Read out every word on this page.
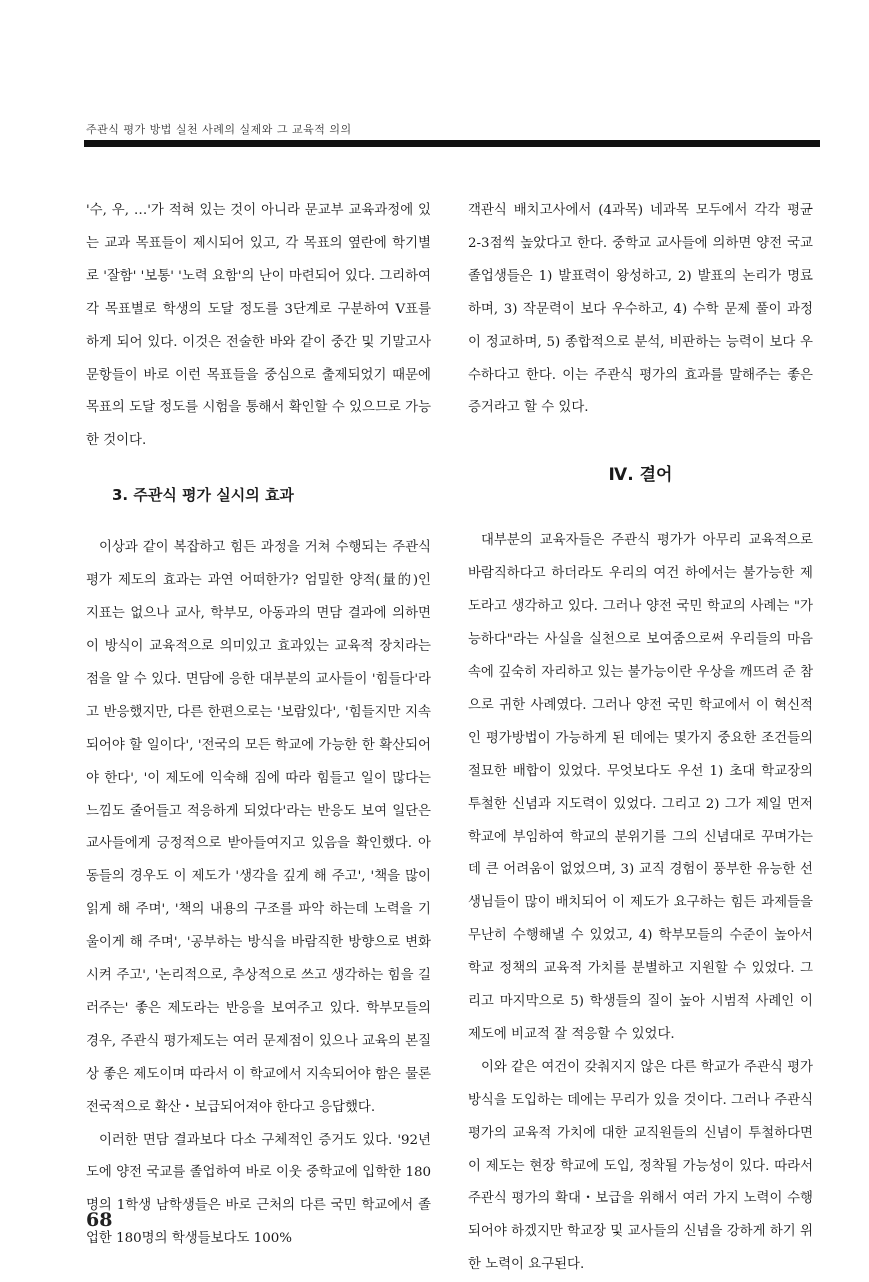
주관식 평가 방법 실천 사례의 실제와 그 교육적 의의

'수, 우, …'가 적혀 있는 것이 아니라 문교부 교육과정에 있는 교과 목표들이 제시되어 있고, 각 목표의 옆란에 학기별로 '잘함' '보통' '노력 요함'의 난이 마련되어 있다. 그리하여 각 목표별로 학생의 도달 정도를 3단계로 구분하여 V표를 하게 되어 있다. 이것은 전술한 바와 같이 중간 및 기말고사 문항들이 바로 이런 목표들을 중심으로 출제되었기 때문에 목표의 도달 정도를 시험을 통해서 확인할 수 있으므로 가능한 것이다.

3. 주관식 평가 실시의 효과

이상과 같이 복잡하고 힘든 과정을 거쳐 수행되는 주관식 평가 제도의 효과는 과연 어떠한가? 엄밀한 양적(量的)인 지표는 없으나 교사, 학부모, 아동과의 면담 결과에 의하면 이 방식이 교육적으로 의미있고 효과있는 교육적 장치라는 점을 알 수 있다. 면담에 응한 대부분의 교사들이 '힘들다'라고 반응했지만, 다른 한편으로는 '보람있다', '힘들지만 지속되어야 할 일이다', '전국의 모든 학교에 가능한 한 확산되어야 한다', '이 제도에 익숙해 짐에 따라 힘들고 일이 많다는 느낌도 줄어들고 적응하게 되었다'라는 반응도 보여 일단은 교사들에게 긍정적으로 받아들여지고 있음을 확인했다. 아동들의 경우도 이 제도가 '생각을 깊게 해 주고', '책을 많이 읽게 해 주며', '책의 내용의 구조를 파악 하는데 노력을 기울이게 해 주며', '공부하는 방식을 바람직한 방향으로 변화시켜 주고', '논리적으로, 추상적으로 쓰고 생각하는 힘을 길러주는' 좋은 제도라는 반응을 보여주고 있다. 학부모들의 경우, 주관식 평가제도는 여러 문제점이 있으나 교육의 본질상 좋은 제도이며 따라서 이 학교에서 지속되어야 함은 물론 전국적으로 확산・보급되어져야 한다고 응답했다.

이러한 면담 결과보다 다소 구체적인 증거도 있다. '92년도에 양전 국교를 졸업하여 바로 이웃 중학교에 입학한 180명의 1학생 남학생들은 바로 근처의 다른 국민 학교에서 졸업한 180명의 학생들보다도 100%

객관식 배치고사에서 (4과목) 네과목 모두에서 각각 평균 2-3점씩 높았다고 한다. 중학교 교사들에 의하면 양전 국교 졸업생들은 1) 발표력이 왕성하고, 2) 발표의 논리가 명료하며, 3) 작문력이 보다 우수하고, 4) 수학 문제 풀이 과정이 정교하며, 5) 종합적으로 분석, 비판하는 능력이 보다 우수하다고 한다. 이는 주관식 평가의 효과를 말해주는 좋은 증거라고 할 수 있다.

Ⅳ. 결어

대부분의 교육자들은 주관식 평가가 아무리 교육적으로 바람직하다고 하더라도 우리의 여건 하에서는 불가능한 제도라고 생각하고 있다. 그러나 양전 국민 학교의 사례는 "가능하다"라는 사실을 실천으로 보여줌으로써 우리들의 마음 속에 깊숙히 자리하고 있는 불가능이란 우상을 깨뜨려 준 참으로 귀한 사례였다. 그러나 양전 국민 학교에서 이 혁신적인 평가방법이 가능하게 된 데에는 몇가지 중요한 조건들의 절묘한 배합이 있었다. 무엇보다도 우선 1) 초대 학교장의 투철한 신념과 지도력이 있었다. 그리고 2) 그가 제일 먼저 학교에 부임하여 학교의 분위기를 그의 신념대로 꾸며가는데 큰 어려움이 없었으며, 3) 교직 경험이 풍부한 유능한 선생님들이 많이 배치되어 이 제도가 요구하는 힘든 과제들을 무난히 수행해낼 수 있었고, 4) 학부모들의 수준이 높아서 학교 정책의 교육적 가치를 분별하고 지원할 수 있었다. 그리고 마지막으로 5) 학생들의 질이 높아 시범적 사례인 이 제도에 비교적 잘 적응할 수 있었다.

이와 같은 여건이 갖춰지지 않은 다른 학교가 주관식 평가 방식을 도입하는 데에는 무리가 있을 것이다. 그러나 주관식 평가의 교육적 가치에 대한 교직원들의 신념이 투철하다면 이 제도는 현장 학교에 도입, 정착될 가능성이 있다. 따라서 주관식 평가의 확대・보급을 위해서 여러 가지 노력이 수행되어야 하겠지만 학교장 및 교사들의 신념을 강하게 하기 위한 노력이 요구된다.

68
